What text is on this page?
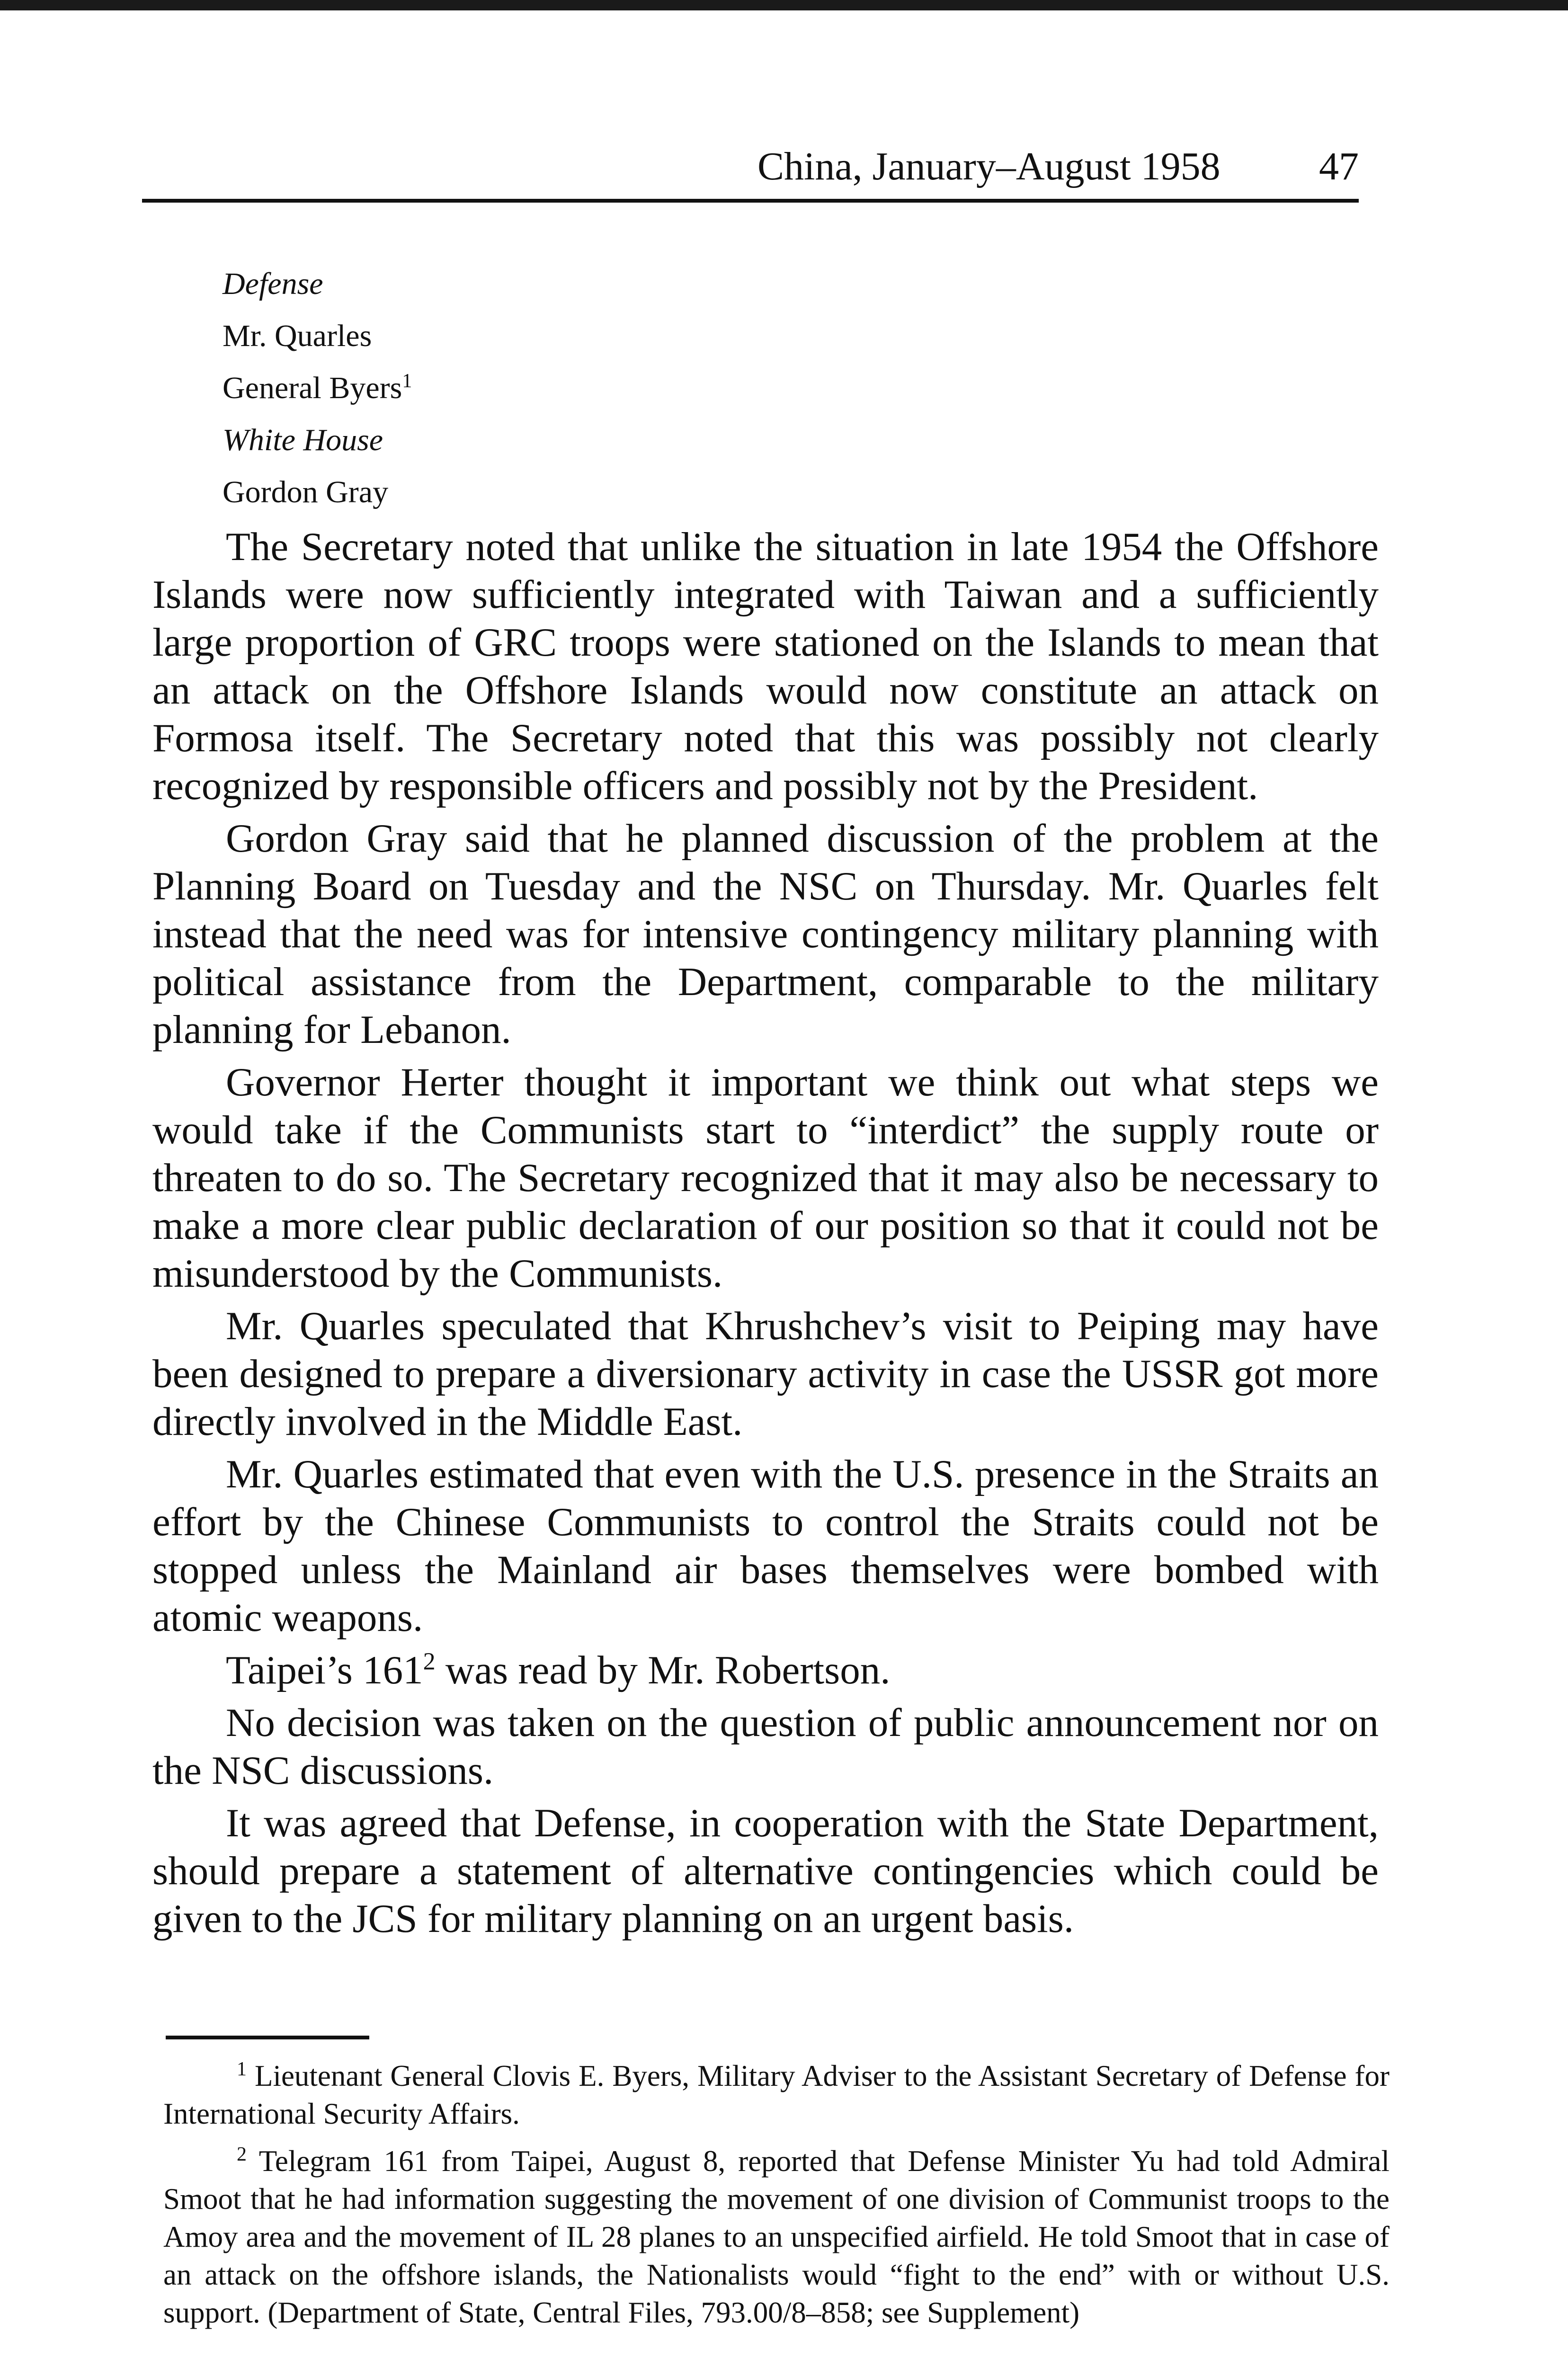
China, January–August 1958 47
Defense
Mr. Quarles
General Byers$^1$
White House
Gordon Gray

The Secretary noted that unlike the situation in late 1954 the Offshore Islands were now sufficiently integrated with Taiwan and a sufficiently large proportion of GRC troops were stationed on the Islands to mean that an attack on the Offshore Islands would now constitute an attack on Formosa itself. The Secretary noted that this was possibly not clearly recognized by responsible officers and possibly not by the President.

Gordon Gray said that he planned discussion of the problem at the Planning Board on Tuesday and the NSC on Thursday. Mr. Quarles felt instead that the need was for intensive contingency military planning with political assistance from the Department, comparable to the military planning for Lebanon.

Governor Herter thought it important we think out what steps we would take if the Communists start to “interdict” the supply route or threaten to do so. The Secretary recognized that it may also be necessary to make a more clear public declaration of our position so that it could not be misunderstood by the Communists.

Mr. Quarles speculated that Khrushchev’s visit to Peiping may have been designed to prepare a diversionary activity in case the USSR got more directly involved in the Middle East.

Mr. Quarles estimated that even with the U.S. presence in the Straits an effort by the Chinese Communists to control the Straits could not be stopped unless the Mainland air bases themselves were bombed with atomic weapons.

Taipei’s $161^2$ was read by Mr. Robertson.

No decision was taken on the question of public announcement nor on the NSC discussions.

It was agreed that Defense, in cooperation with the State Department, should prepare a statement of alternative contingencies which could be given to the JCS for military planning on an urgent basis.

$^1$ Lieutenant General Clovis E. Byers, Military Adviser to the Assistant Secretary of Defense for International Security Affairs.

$^2$ Telegram 161 from Taipei, August 8, reported that Defense Minister Yu had told Admiral Smoot that he had information suggesting the movement of one division of Communist troops to the Amoy area and the movement of IL 28 planes to an unspecified airfield. He told Smoot that in case of an attack on the offshore islands, the Nationalists would “fight to the end” with or without U.S. support. (Department of State, Central Files, 793.00/8–858; see Supplement)
